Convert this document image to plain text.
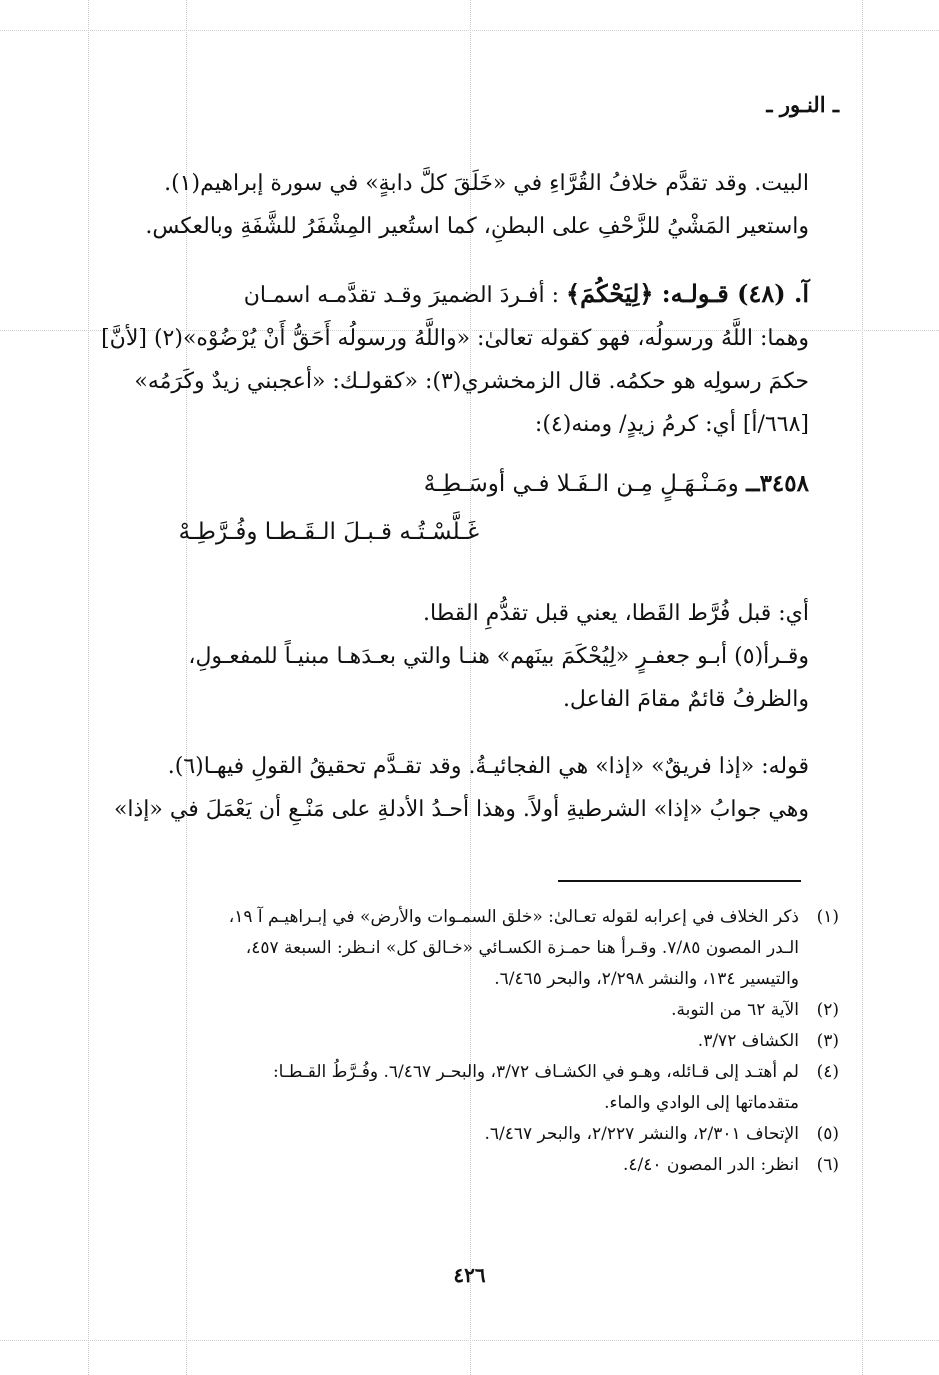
ـ النـور ـ
البيت. وقد تقدَّم خلافُ القُرَّاءِ في «خَلَقَ كلَّ دابةٍ» في سورة إبراهيم(١).
واستعير المَشْيُ للزَّحْفِ على البطنِ، كما استُعير المِشْفَرُ للشَّفَةِ وبالعكس.
آ. (٤٨) قـولـه: ﴿لِيَحْكُمَ﴾ : أفـردَ الضميرَ وقـد تقدَّمـه اسمـان
وهما: اللَّهُ ورسولُه، فهو كقوله تعالىٰ: «واللَّهُ ورسولُه أَحَقُّ أَنْ يُرْضُوْه»(٢) [لأنَّ]
حكمَ رسولِه هو حكمُه. قال الزمخشري(٣): «كقولـك: «أعجبني زيدٌ وكَرَمُه»
[٦٦٨/أ] أي: كرمُ زيدٍ/ ومنه(٤):
٣٤٥٨ــ ومَـنْـهَـلٍ مِـن الـفَـلا فـي أوسَـطِـهْ
غَـلَّسْـتُـه قـبـلَ الـقَـطـا وفُـرَّطِـهْ
أي: قبل فُرَّط القَطا، يعني قبل تقدُّمِ القطا.
وقـرأ(٥) أبـو جعفـرٍ «لِيُحْكَمَ بينَهم» هنـا والتي بعـدَهـا مبنيـاً للمفعـولِ،
والظرفُ قائمٌ مقامَ الفاعل.
قوله: «إذا فريقٌ» «إذا» هي الفجائيـةُ. وقد تقـدَّم تحقيقُ القولِ فيهـا(٦).
وهي جوابُ «إذا» الشرطيةِ أولاً. وهذا أحـدُ الأدلةِ على مَنْـعِ أن يَعْمَلَ في «إذا»
(١)
ذكر الخلاف في إعرابه لقوله تعـالىٰ: «خلق السمـوات والأرض» في إبـراهيـم آ ١٩،
الـدر المصون ٧/٨٥. وقـرأ هنا حمـزة الكسـائي «خـالق كل» انـظر: السبعة ٤٥٧،
والتيسير ١٣٤، والنشر ٢/٢٩٨، والبحر ٦/٤٦٥.
(٢)
الآية ٦٢ من التوبة.
(٣)
الكشاف ٣/٧٢.
(٤)
لم أهتـد إلى قـائله، وهـو في الكشـاف ٣/٧٢، والبحـر ٦/٤٦٧. وفُـرَّطُ القـطـا:
متقدماتها إلى الوادي والماء.
(٥)
الإتحاف ٢/٣٠١، والنشر ٢/٢٢٧، والبحر ٦/٤٦٧.
(٦)
انظر: الدر المصون ٤/٤٠.
٤٢٦
